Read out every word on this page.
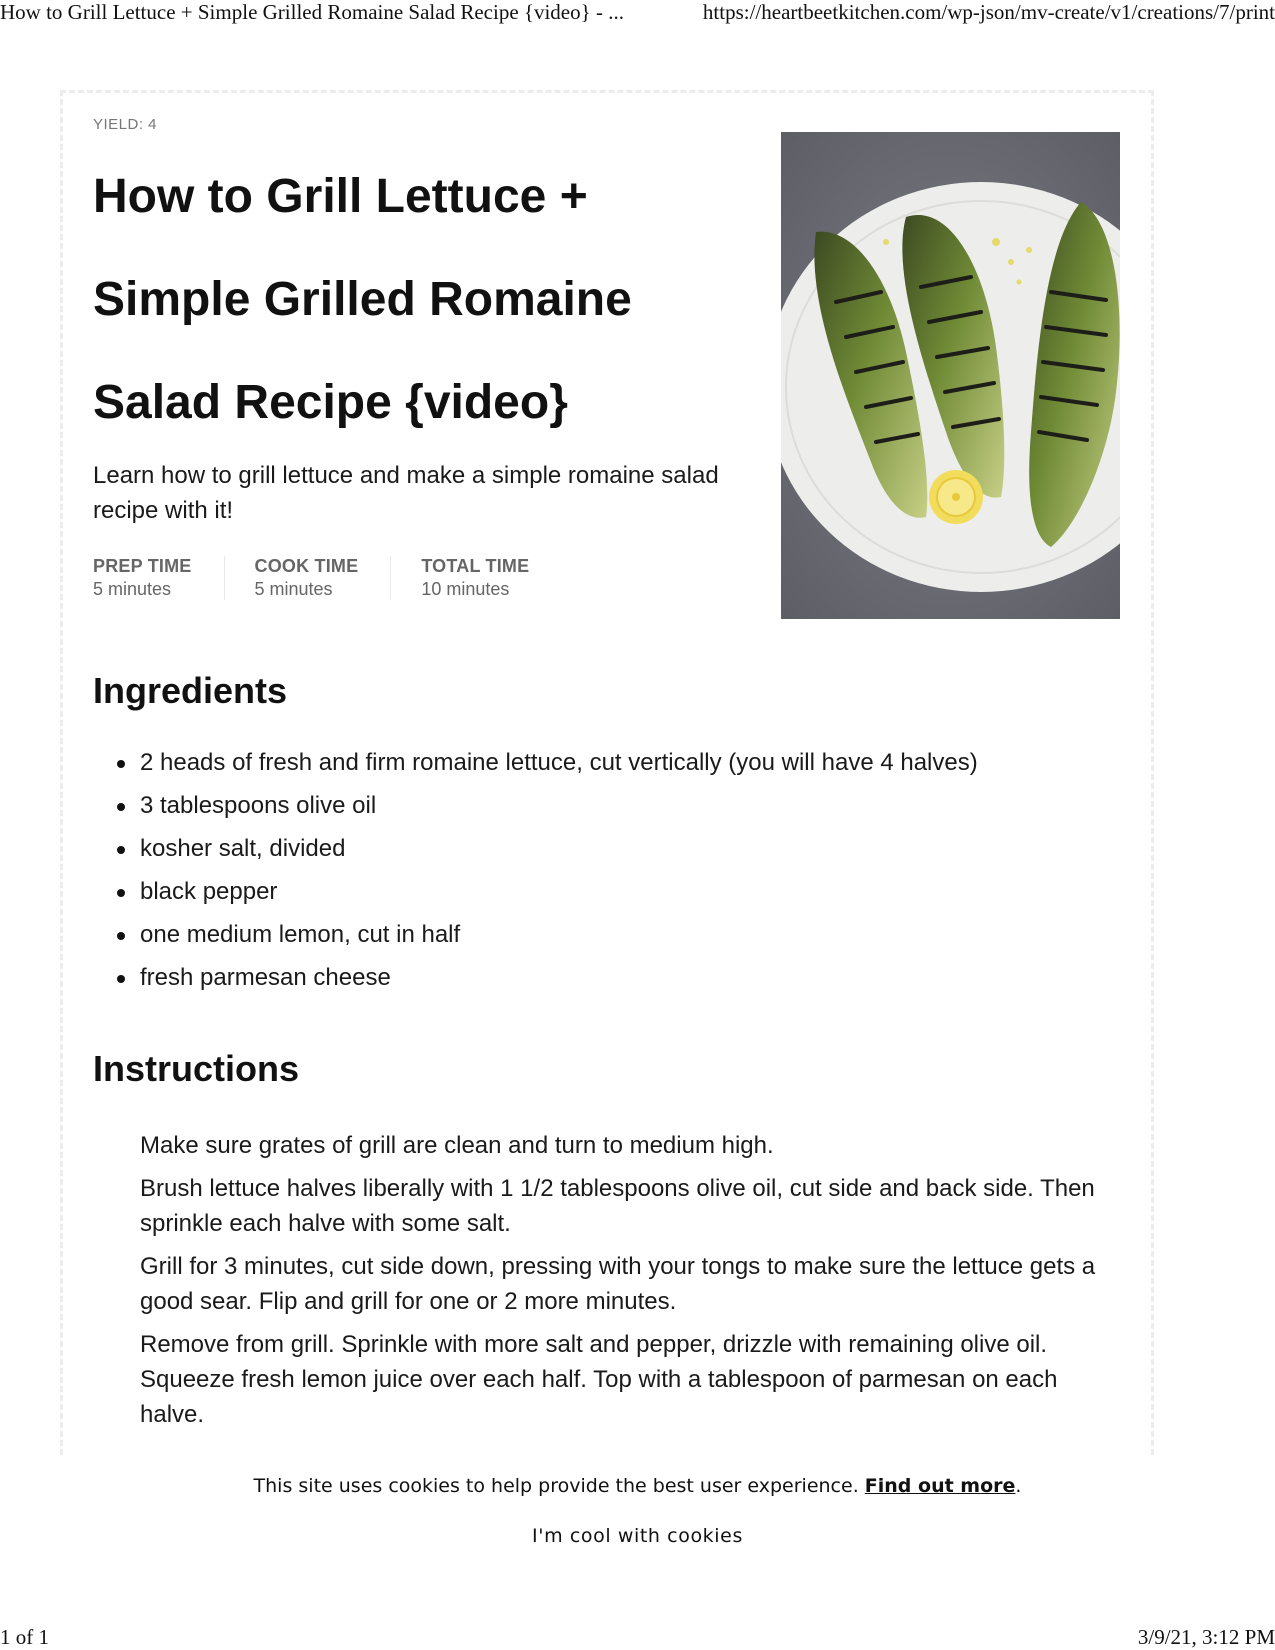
How to Grill Lettuce + Simple Grilled Romaine Salad Recipe {video} - ...	https://heartbeetkitchen.com/wp-json/mv-create/v1/creations/7/print
YIELD: 4
How to Grill Lettuce + Simple Grilled Romaine Salad Recipe {video}

Learn how to grill lettuce and make a simple romaine salad recipe with it!

PREP TIME
5 minutes
COOK TIME
5 minutes
TOTAL TIME
10 minutes
Ingredients
2 heads of fresh and firm romaine lettuce, cut vertically (you will have 4 halves)
3 tablespoons olive oil
kosher salt, divided
black pepper
one medium lemon, cut in half
fresh parmesan cheese
Instructions
Make sure grates of grill are clean and turn to medium high.
Brush lettuce halves liberally with 1 1/2 tablespoons olive oil, cut side and back side. Then sprinkle each halve with some salt.
Grill for 3 minutes, cut side down, pressing with your tongs to make sure the lettuce gets a good sear. Flip and grill for one or 2 more minutes.
Remove from grill. Sprinkle with more salt and pepper, drizzle with remaining olive oil. Squeeze fresh lemon juice over each half. Top with a tablespoon of parmesan on each halve.
This site uses cookies to help provide the best user experience. Find out more.
I'm cool with cookies
1 of 1	3/9/21, 3:12 PM
